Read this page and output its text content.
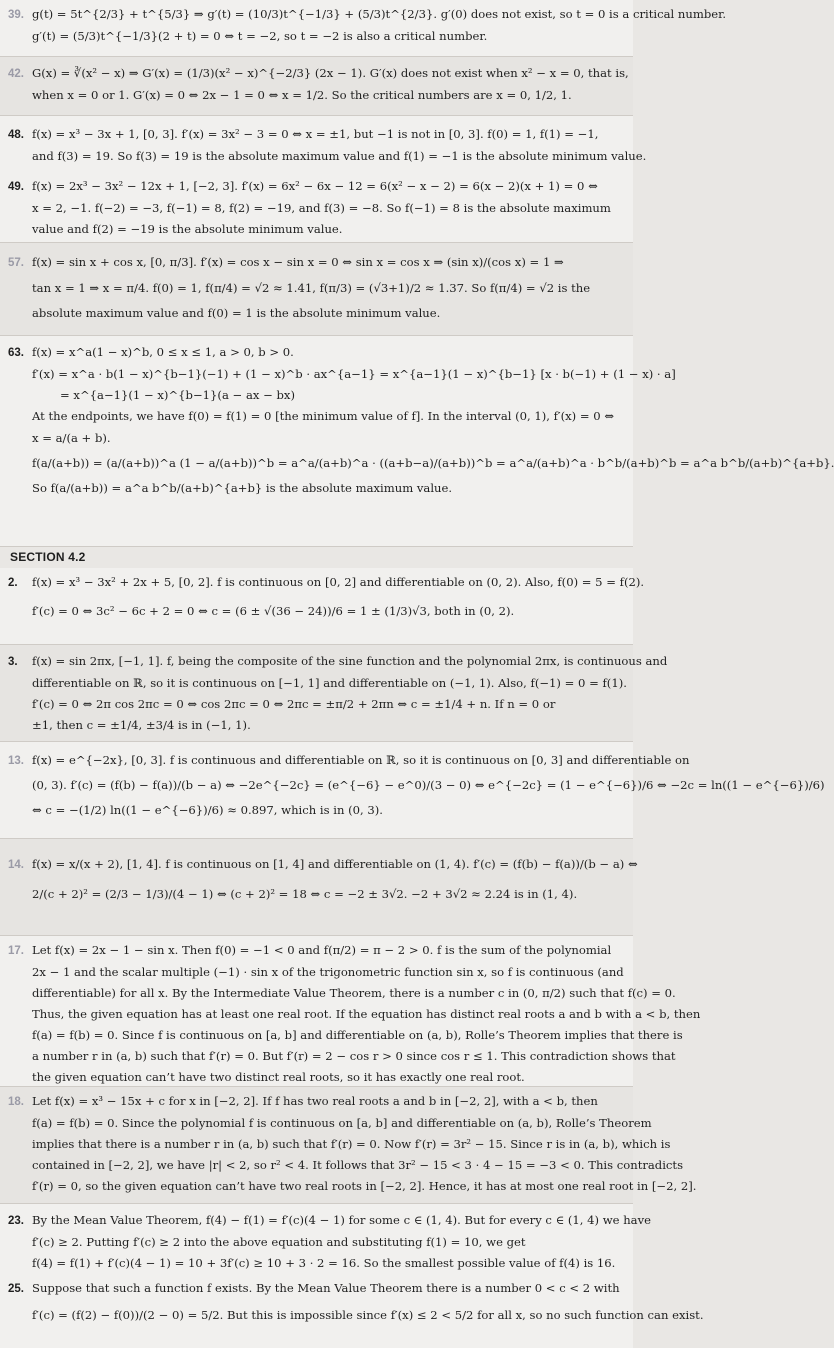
39. g(t) = 5t^{2/3} + t^{5/3} ⇒ g′(t) = (10/3)t^{−1/3} + (5/3)t^{2/3}. g′(0) does not exist, so t = 0 is a critical number.
g′(t) = (5/3)t^{−1/3}(2 + t) = 0 ⇔ t = −2, so t = −2 is also a critical number.
42. G(x) = ∛(x² − x) ⇒ G′(x) = (1/3)(x² − x)^{−2/3} (2x − 1). G′(x) does not exist when x² − x = 0, that is,
when x = 0 or 1. G′(x) = 0 ⇔ 2x − 1 = 0 ⇔ x = 1/2. So the critical numbers are x = 0, 1/2, 1.
48. f(x) = x³ − 3x + 1, [0, 3]. f′(x) = 3x² − 3 = 0 ⇔ x = ±1, but −1 is not in [0, 3]. f(0) = 1, f(1) = −1,
and f(3) = 19. So f(3) = 19 is the absolute maximum value and f(1) = −1 is the absolute minimum value.
49. f(x) = 2x³ − 3x² − 12x + 1, [−2, 3]. f′(x) = 6x² − 6x − 12 = 6(x² − x − 2) = 6(x − 2)(x + 1) = 0 ⇔
x = 2, −1. f(−2) = −3, f(−1) = 8, f(2) = −19, and f(3) = −8. So f(−1) = 8 is the absolute maximum
value and f(2) = −19 is the absolute minimum value.
57. f(x) = sin x + cos x, [0, π/3]. f′(x) = cos x − sin x = 0 ⇔ sin x = cos x ⇒ (sin x)/(cos x) = 1 ⇒
tan x = 1 ⇒ x = π/4. f(0) = 1, f(π/4) = √2 ≈ 1.41, f(π/3) = (√3+1)/2 ≈ 1.37. So f(π/4) = √2 is the
absolute maximum value and f(0) = 1 is the absolute minimum value.
63. f(x) = x^a(1 − x)^b, 0 ≤ x ≤ 1, a > 0, b > 0.
f′(x) = x^a · b(1 − x)^{b−1}(−1) + (1 − x)^b · ax^{a−1} = x^{a−1}(1 − x)^{b−1} [x · b(−1) + (1 − x) · a]
= x^{a−1}(1 − x)^{b−1}(a − ax − bx)
At the endpoints, we have f(0) = f(1) = 0 [the minimum value of f]. In the interval (0, 1), f′(x) = 0 ⇔
x = a/(a + b).
f(a/(a+b)) = (a/(a+b))^a (1 − a/(a+b))^b = a^a/(a+b)^a · ((a+b−a)/(a+b))^b = a^a/(a+b)^a · b^b/(a+b)^b = a^a b^b/(a+b)^{a+b}.
So f(a/(a+b)) = a^a b^b/(a+b)^{a+b} is the absolute maximum value.
SECTION 4.2
2. f(x) = x³ − 3x² + 2x + 5, [0, 2]. f is continuous on [0, 2] and differentiable on (0, 2). Also, f(0) = 5 = f(2).
f′(c) = 0 ⇔ 3c² − 6c + 2 = 0 ⇔ c = (6 ± √(36 − 24))/6 = 1 ± (1/3)√3, both in (0, 2).
3. f(x) = sin 2πx, [−1, 1]. f, being the composite of the sine function and the polynomial 2πx, is continuous and
differentiable on ℝ, so it is continuous on [−1, 1] and differentiable on (−1, 1). Also, f(−1) = 0 = f(1).
f′(c) = 0 ⇔ 2π cos 2πc = 0 ⇔ cos 2πc = 0 ⇔ 2πc = ±π/2 + 2πn ⇔ c = ±1/4 + n. If n = 0 or
±1, then c = ±1/4, ±3/4 is in (−1, 1).
13. f(x) = e^{−2x}, [0, 3]. f is continuous and differentiable on ℝ, so it is continuous on [0, 3] and differentiable on
(0, 3). f′(c) = (f(b) − f(a))/(b − a) ⇔ −2e^{−2c} = (e^{−6} − e^0)/(3 − 0) ⇔ e^{−2c} = (1 − e^{−6})/6 ⇔ −2c = ln((1 − e^{−6})/6)
⇔ c = −(1/2) ln((1 − e^{−6})/6) ≈ 0.897, which is in (0, 3).
14. f(x) = x/(x + 2), [1, 4]. f is continuous on [1, 4] and differentiable on (1, 4). f′(c) = (f(b) − f(a))/(b − a) ⇔
2/(c + 2)² = (2/3 − 1/3)/(4 − 1) ⇔ (c + 2)² = 18 ⇔ c = −2 ± 3√2. −2 + 3√2 ≈ 2.24 is in (1, 4).
17. Let f(x) = 2x − 1 − sin x. Then f(0) = −1 < 0 and f(π/2) = π − 2 > 0. f is the sum of the polynomial
2x − 1 and the scalar multiple (−1) · sin x of the trigonometric function sin x, so f is continuous (and
differentiable) for all x. By the Intermediate Value Theorem, there is a number c in (0, π/2) such that f(c) = 0.
Thus, the given equation has at least one real root. If the equation has distinct real roots a and b with a < b, then
f(a) = f(b) = 0. Since f is continuous on [a, b] and differentiable on (a, b), Rolle’s Theorem implies that there is
a number r in (a, b) such that f′(r) = 0. But f′(r) = 2 − cos r > 0 since cos r ≤ 1. This contradiction shows that
the given equation can’t have two distinct real roots, so it has exactly one real root.
18. Let f(x) = x³ − 15x + c for x in [−2, 2]. If f has two real roots a and b in [−2, 2], with a < b, then
f(a) = f(b) = 0. Since the polynomial f is continuous on [a, b] and differentiable on (a, b), Rolle’s Theorem
implies that there is a number r in (a, b) such that f′(r) = 0. Now f′(r) = 3r² − 15. Since r is in (a, b), which is
contained in [−2, 2], we have |r| < 2, so r² < 4. It follows that 3r² − 15 < 3 · 4 − 15 = −3 < 0. This contradicts
f′(r) = 0, so the given equation can’t have two real roots in [−2, 2]. Hence, it has at most one real root in [−2, 2].
23. By the Mean Value Theorem, f(4) − f(1) = f′(c)(4 − 1) for some c ∈ (1, 4). But for every c ∈ (1, 4) we have
f′(c) ≥ 2. Putting f′(c) ≥ 2 into the above equation and substituting f(1) = 10, we get
f(4) = f(1) + f′(c)(4 − 1) = 10 + 3f′(c) ≥ 10 + 3 · 2 = 16. So the smallest possible value of f(4) is 16.
25. Suppose that such a function f exists. By the Mean Value Theorem there is a number 0 < c < 2 with
f′(c) = (f(2) − f(0))/(2 − 0) = 5/2. But this is impossible since f′(x) ≤ 2 < 5/2 for all x, so no such function can exist.
